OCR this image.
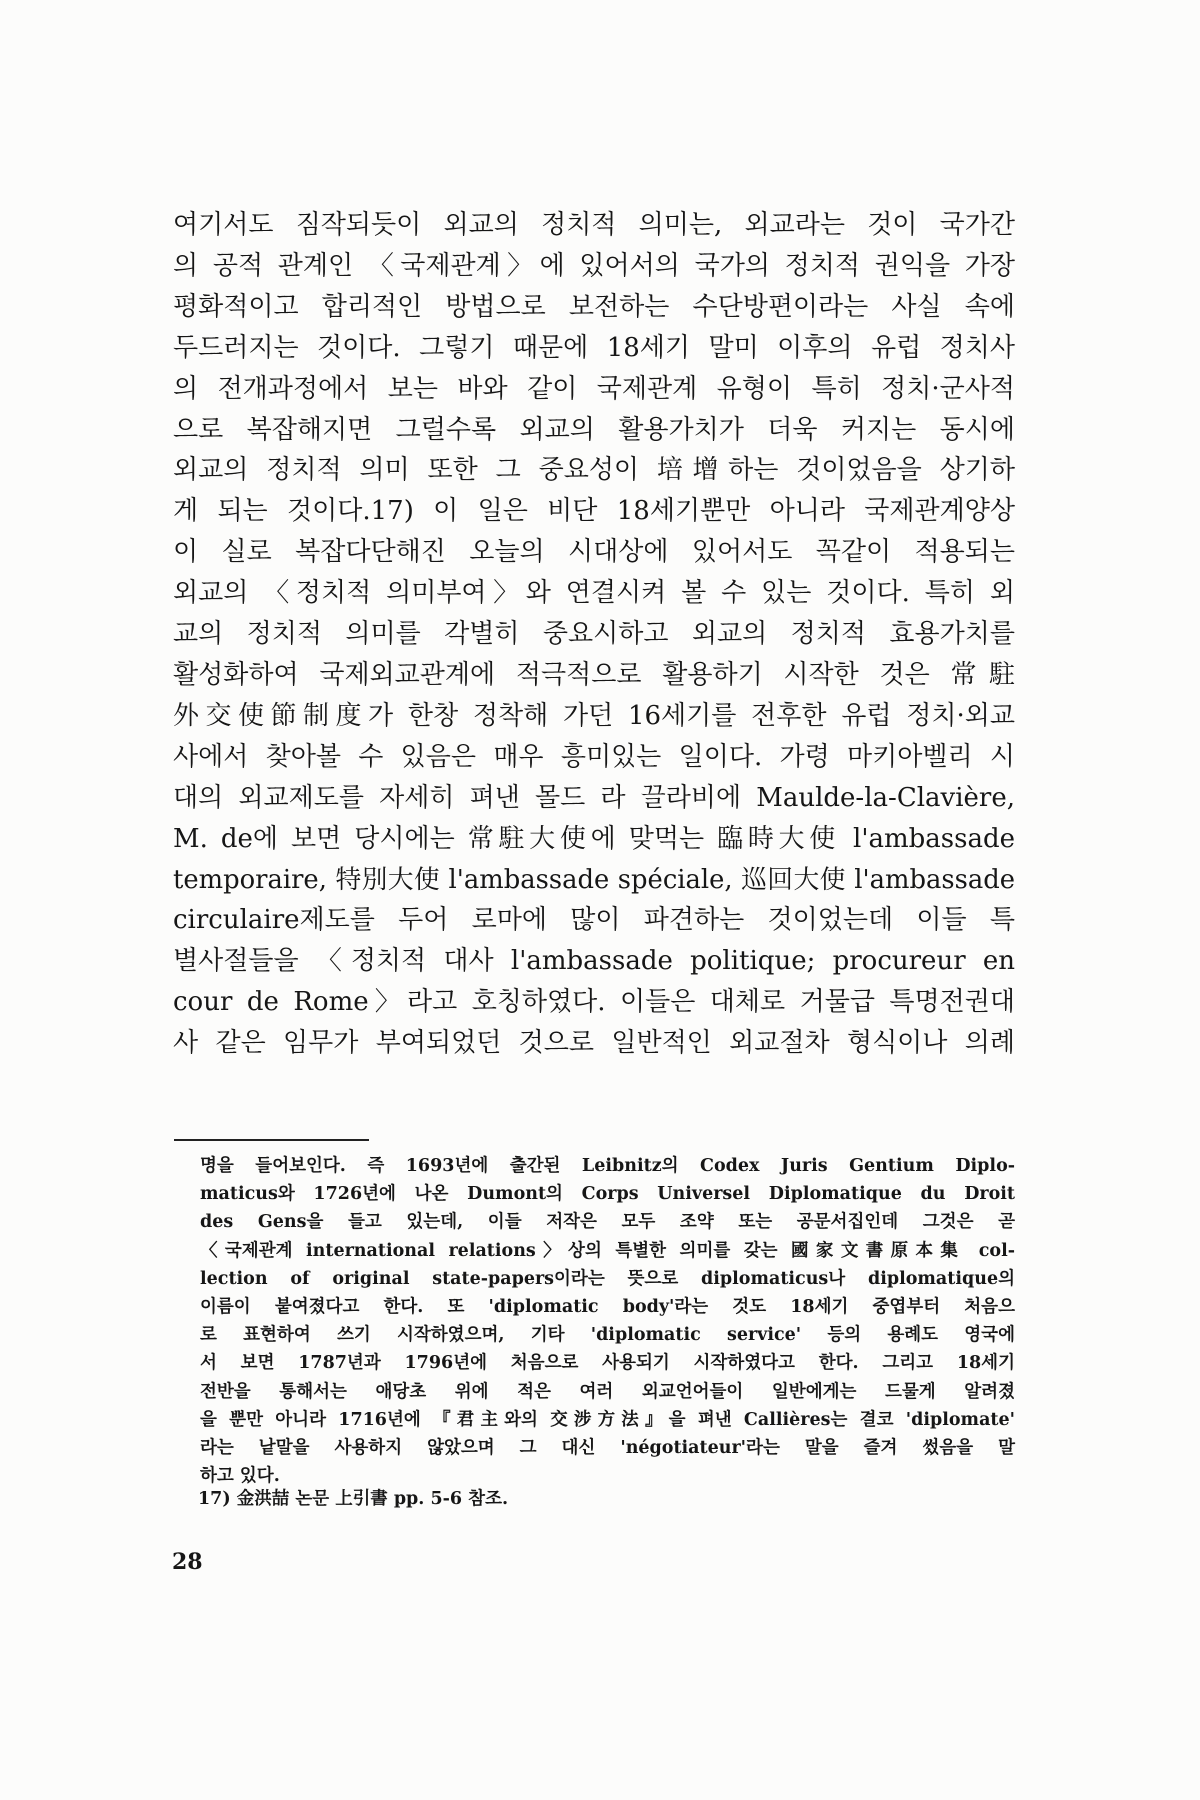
여기서도 짐작되듯이 외교의 정치적 의미는, 외교라는 것이 국가간
의 공적 관계인 〈국제관계〉에 있어서의 국가의 정치적 권익을 가장
평화적이고 합리적인 방법으로 보전하는 수단방편이라는 사실 속에
두드러지는 것이다. 그렇기 때문에 18세기 말미 이후의 유럽 정치사
의 전개과정에서 보는 바와 같이 국제관계 유형이 특히 정치·군사적
으로 복잡해지면 그럴수록 외교의 활용가치가 더욱 커지는 동시에
외교의 정치적 의미 또한 그 중요성이 培增하는 것이었음을 상기하
게 되는 것이다.17) 이 일은 비단 18세기뿐만 아니라 국제관계양상
이 실로 복잡다단해진 오늘의 시대상에 있어서도 꼭같이 적용되는
외교의 〈정치적 의미부여〉와 연결시켜 볼 수 있는 것이다. 특히 외
교의 정치적 의미를 각별히 중요시하고 외교의 정치적 효용가치를
활성화하여 국제외교관계에 적극적으로 활용하기 시작한 것은 常駐
外交使節制度가 한창 정착해 가던 16세기를 전후한 유럽 정치·외교
사에서 찾아볼 수 있음은 매우 흥미있는 일이다. 가령 마키아벨리 시
대의 외교제도를 자세히 펴낸 몰드 라 끌라비에 Maulde-la-Clavière,
M. de에 보면 당시에는 常駐大使에 맞먹는 臨時大使 l'ambassade
temporaire, 特別大使 l'ambassade spéciale, 巡回大使 l'ambassade
circulaire제도를 두어 로마에 많이 파견하는 것이었는데 이들 특
별사절들을 〈정치적 대사 l'ambassade politique; procureur en
cour de Rome〉라고 호칭하였다. 이들은 대체로 거물급 특명전권대
사 같은 임무가 부여되었던 것으로 일반적인 외교절차 형식이나 의례
명을 들어보인다. 즉 1693년에 출간된 Leibnitz의 Codex Juris Gentium Diplo-
maticus와 1726년에 나온 Dumont의 Corps Universel Diplomatique du Droit
des Gens을 들고 있는데, 이들 저작은 모두 조약 또는 공문서집인데 그것은 곧
〈국제관계 international relations〉상의 특별한 의미를 갖는 國家文書原本集 col-
lection of original state-papers이라는 뜻으로 diplomaticus나 diplomatique의
이름이 붙여졌다고 한다. 또 'diplomatic body'라는 것도 18세기 중엽부터 처음으
로 표현하여 쓰기 시작하였으며, 기타 'diplomatic service' 등의 용례도 영국에
서 보면 1787년과 1796년에 처음으로 사용되기 시작하였다고 한다. 그리고 18세기
전반을 통해서는 애당초 위에 적은 여러 외교언어들이 일반에게는 드물게 알려졌
을 뿐만 아니라 1716년에 『君主와의 交涉方法』을 펴낸 Callières는 결코 'diplomate'
라는 낱말을 사용하지 않았으며 그 대신 'négotiateur'라는 말을 즐겨 썼음을 말
하고 있다.
17) 金洪喆 논문 上引書 pp. 5-6 참조.
28
